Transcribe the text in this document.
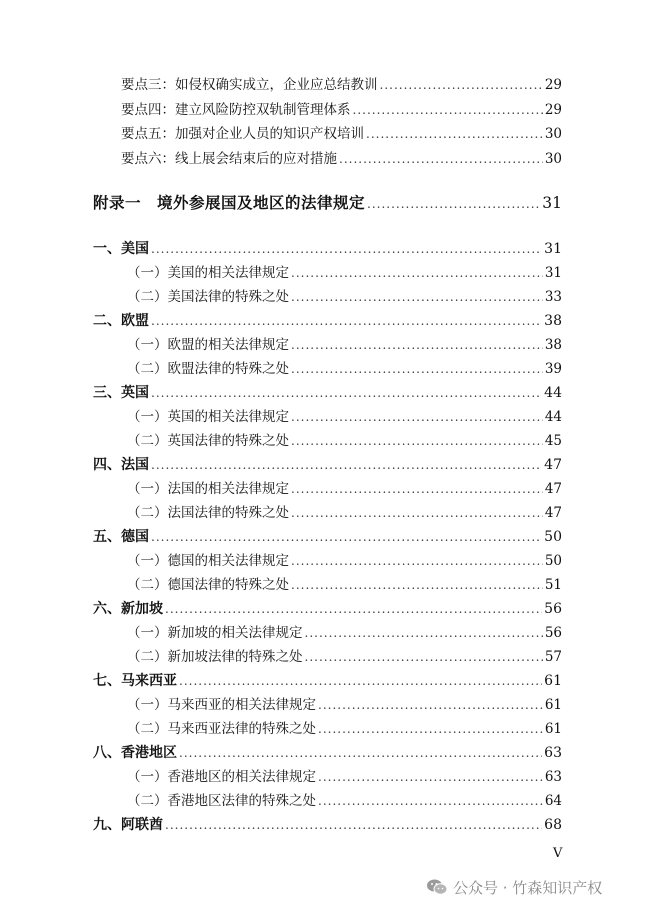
要点三：如侵权确实成立，企业应总结教训 .....	29
要点四：建立风险防控双轨制管理体系 .....	29
要点五：加强对企业人员的知识产权培训 .....	30
要点六：线上展会结束后的应对措施 .....	30
附录一　境外参展国及地区的法律规定 .....	31
一、美国 .....	31
（一）美国的相关法律规定 .....	31
（二）美国法律的特殊之处 .....	33
二、欧盟 .....	38
（一）欧盟的相关法律规定 .....	38
（二）欧盟法律的特殊之处 .....	39
三、英国 .....	44
（一）英国的相关法律规定 .....	44
（二）英国法律的特殊之处 .....	45
四、法国 .....	47
（一）法国的相关法律规定 .....	47
（二）法国法律的特殊之处 .....	47
五、德国 .....	50
（一）德国的相关法律规定 .....	50
（二）德国法律的特殊之处 .....	51
六、新加坡 .....	56
（一）新加坡的相关法律规定 .....	56
（二）新加坡法律的特殊之处 .....	57
七、马来西亚 .....	61
（一）马来西亚的相关法律规定 .....	61
（二）马来西亚法律的特殊之处 .....	61
八、香港地区 .....	63
（一）香港地区的相关法律规定 .....	63
（二）香港地区法律的特殊之处 .....	64
九、阿联酋 .....	68
V
公众号 · 竹森知识产权
